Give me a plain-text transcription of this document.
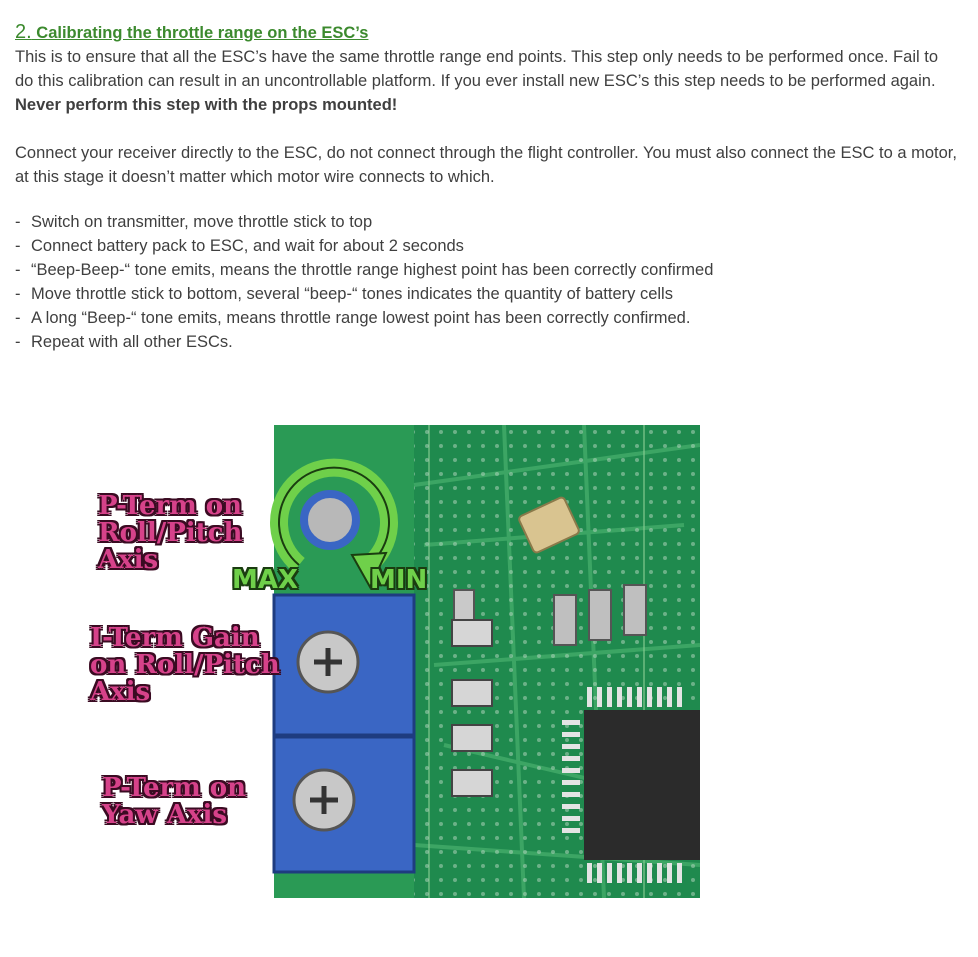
2. Calibrating the throttle range on the ESC’s

This is to ensure that all the ESC’s have the same throttle range end points. This step only needs to be performed once. Fail to do this calibration can result in an uncontrollable platform. If you ever install new ESC’s this step needs to be performed again.

Never perform this step with the props mounted!

Connect your receiver directly to the ESC, do not connect through the flight controller. You must also connect the ESC to a motor, at this stage it doesn’t matter which motor wire connects to which.

- Switch on transmitter, move throttle stick to top
- Connect battery pack to ESC, and wait for about 2 seconds
- “Beep-Beep-“ tone emits, means the throttle range highest point has been correctly confirmed
- Move throttle stick to bottom, several “beep-“ tones indicates the quantity of battery cells
- A long “Beep-“ tone emits, means throttle range lowest point has been correctly confirmed.
- Repeat with all other ESCs.
P-Term on
Roll/Pitch
Axis
I-Term Gain
on Roll/Pitch
Axis
P-Term on
Yaw Axis
MAX	MIN
